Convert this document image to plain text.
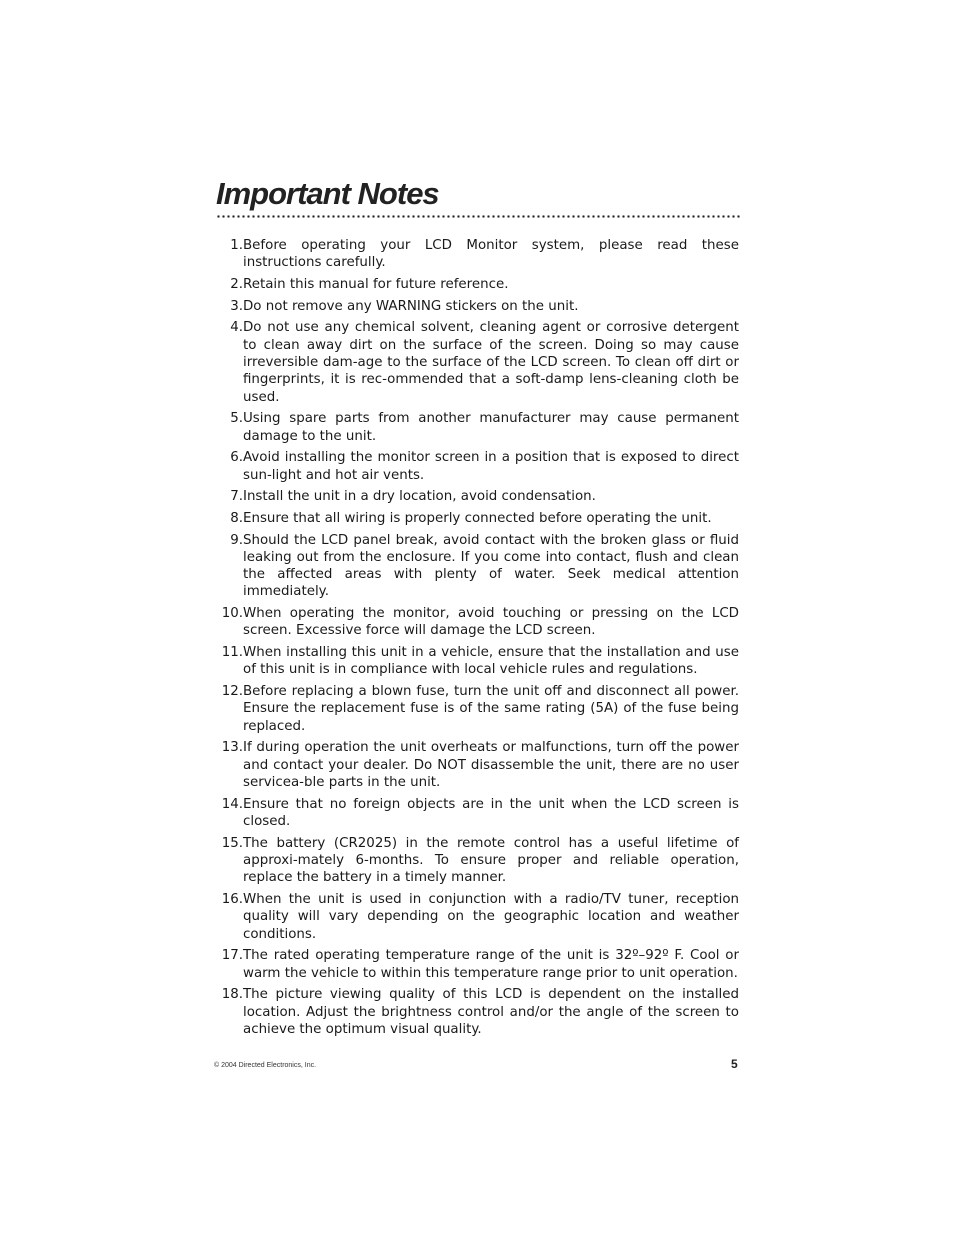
Important Notes
1. Before operating your LCD Monitor system, please read these instructions carefully.
2. Retain this manual for future reference.
3. Do not remove any WARNING stickers on the unit.
4. Do not use any chemical solvent, cleaning agent or corrosive detergent to clean away dirt on the surface of the screen. Doing so may cause irreversible dam-age to the surface of the LCD screen. To clean off dirt or fingerprints, it is rec-ommended that a soft-damp lens-cleaning cloth be used.
5. Using spare parts from another manufacturer may cause permanent damage to the unit.
6. Avoid installing the monitor screen in a position that is exposed to direct sun-light and hot air vents.
7. Install the unit in a dry location, avoid condensation.
8. Ensure that all wiring is properly connected before operating the unit.
9. Should the LCD panel break, avoid contact with the broken glass or fluid leaking out from the enclosure. If you come into contact, flush and clean the affected areas with plenty of water. Seek medical attention immediately.
10. When operating the monitor, avoid touching or pressing on the LCD screen. Excessive force will damage the LCD screen.
11. When installing this unit in a vehicle, ensure that the installation and use of this unit is in compliance with local vehicle rules and regulations.
12. Before replacing a blown fuse, turn the unit off and disconnect all power. Ensure the replacement fuse is of the same rating (5A) of the fuse being replaced.
13. If during operation the unit overheats or malfunctions, turn off the power and contact your dealer. Do NOT disassemble the unit, there are no user servicea-ble parts in the unit.
14. Ensure that no foreign objects are in the unit when the LCD screen is closed.
15. The battery (CR2025) in the remote control has a useful lifetime of approxi-mately 6-months. To ensure proper and reliable operation, replace the battery in a timely manner.
16. When the unit is used in conjunction with a radio/TV tuner, reception quality will vary depending on the geographic location and weather conditions.
17. The rated operating temperature range of the unit is 32º–92º F. Cool or warm the vehicle to within this temperature range prior to unit operation.
18. The picture viewing quality of this LCD is dependent on the installed location. Adjust the brightness control and/or the angle of the screen to achieve the optimum visual quality.
© 2004 Directed Electronics, Inc.	5
